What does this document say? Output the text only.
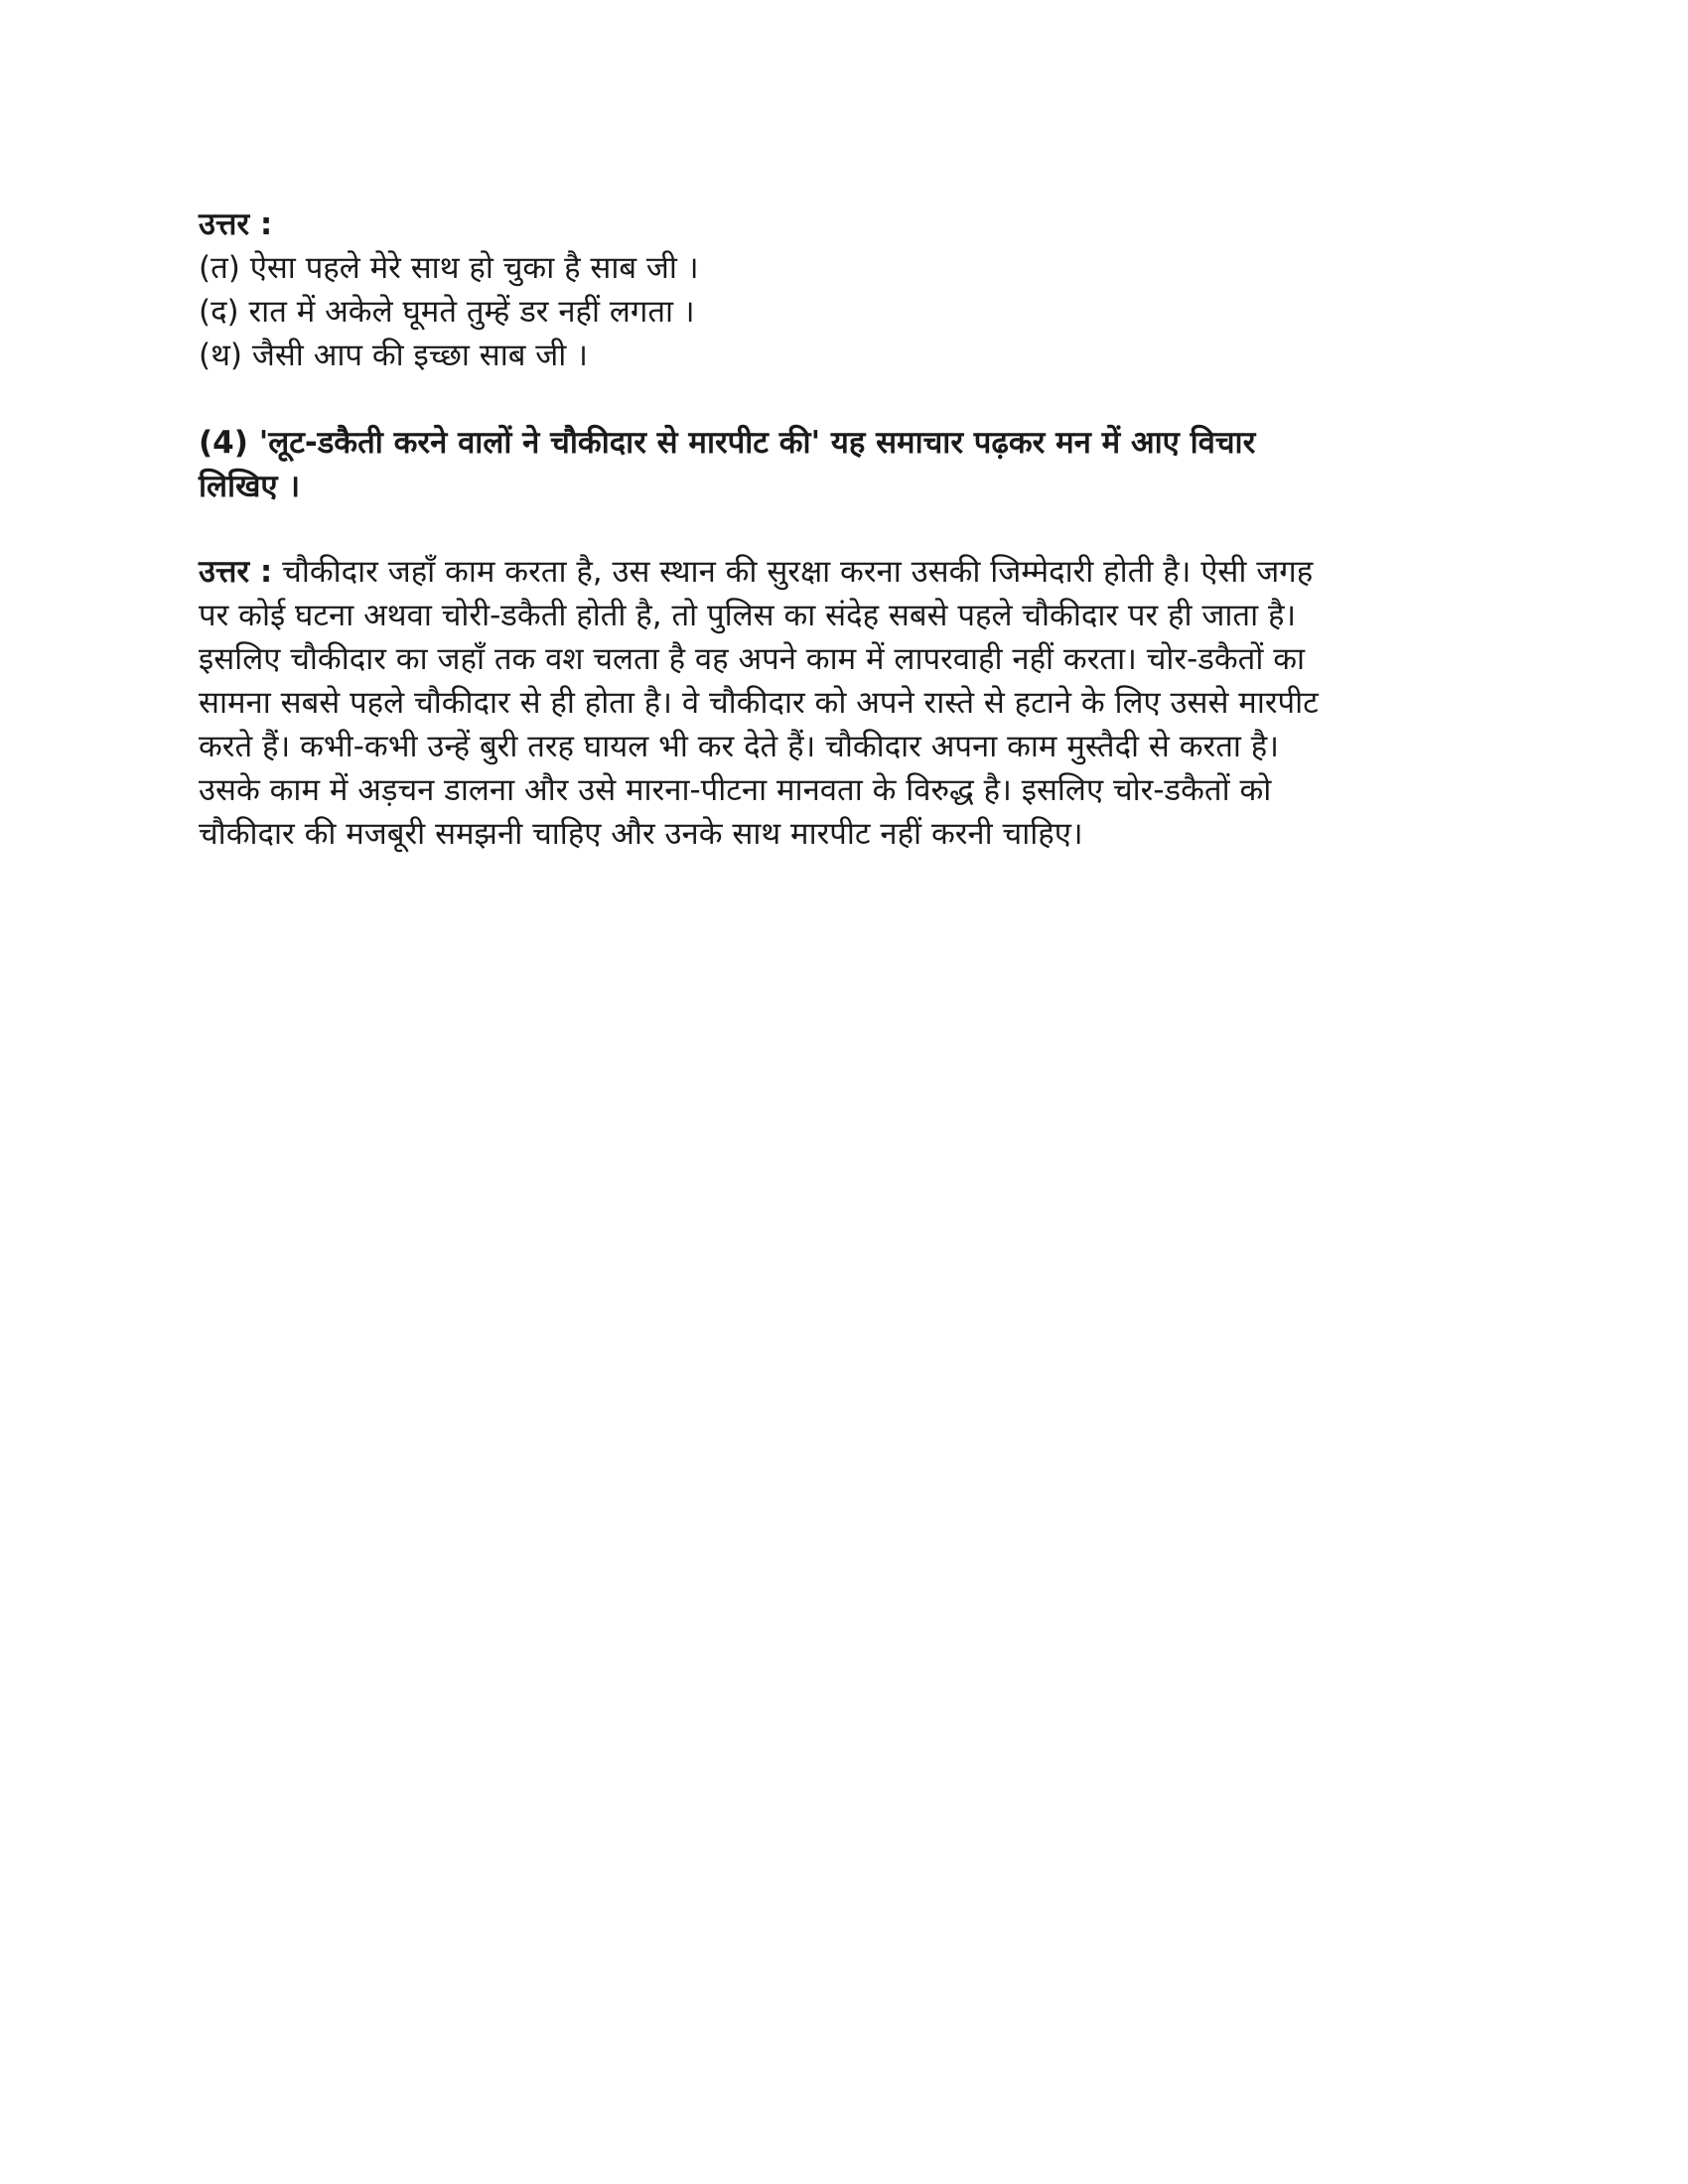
उत्तर :

(त) ऐसा पहले मेरे साथ हो चुका है साब जी ।

(द) रात में अकेले घूमते तुम्हें डर नहीं लगता ।

(थ) जैसी आप की इच्छा साब जी ।

(4) 'लूट-डकैती करने वालों ने चौकीदार से मारपीट की' यह समाचार पढ़कर मन में आए विचार
लिखिए ।
उत्तर : चौकीदार जहाँ काम करता है, उस स्थान की सुरक्षा करना उसकी जिम्मेदारी होती है। ऐसी जगह
पर कोई घटना अथवा चोरी-डकैती होती है, तो पुलिस का संदेह सबसे पहले चौकीदार पर ही जाता है।
इसलिए चौकीदार का जहाँ तक वश चलता है वह अपने काम में लापरवाही नहीं करता। चोर-डकैतों का
सामना सबसे पहले चौकीदार से ही होता है। वे चौकीदार को अपने रास्ते से हटाने के लिए उससे मारपीट
करते हैं। कभी-कभी उन्हें बुरी तरह घायल भी कर देते हैं। चौकीदार अपना काम मुस्तैदी से करता है।
उसके काम में अड़चन डालना और उसे मारना-पीटना मानवता के विरुद्ध है। इसलिए चोर-डकैतों को
चौकीदार की मजबूरी समझनी चाहिए और उनके साथ मारपीट नहीं करनी चाहिए।
